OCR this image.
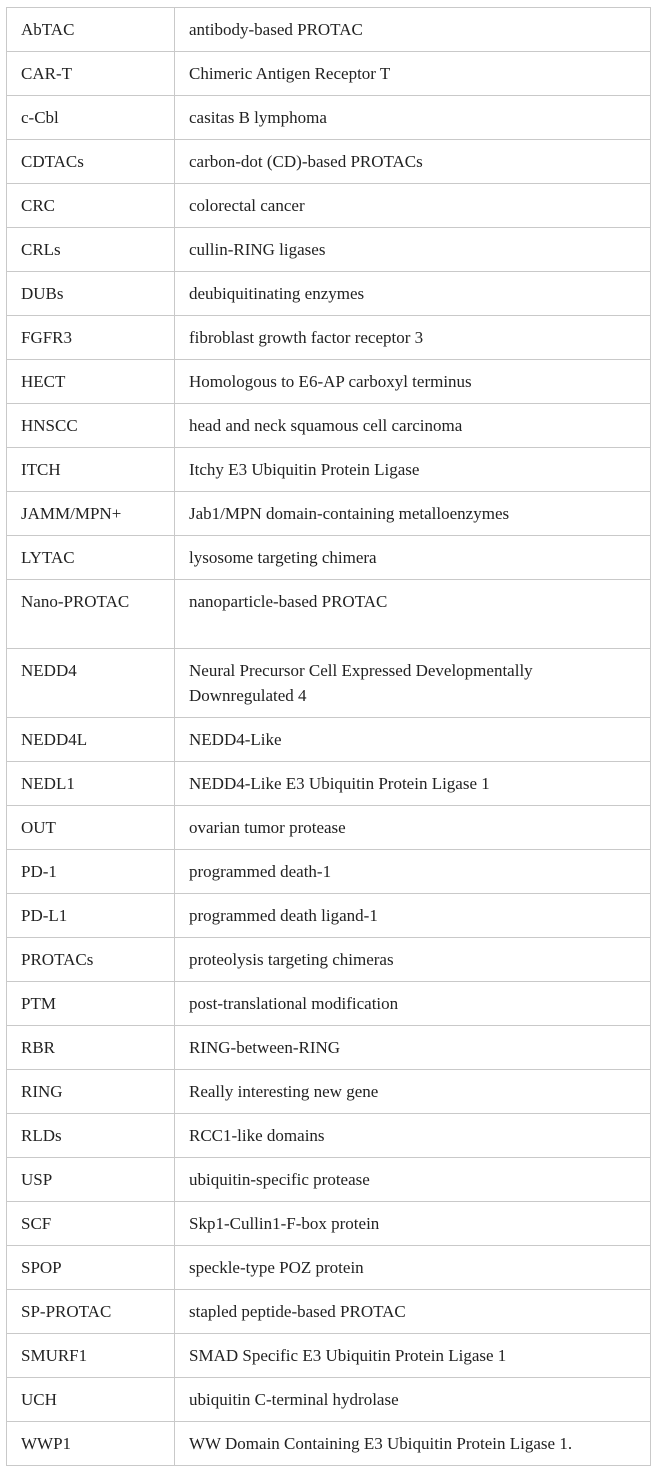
AbTAC	antibody-based PROTAC
CAR-T	Chimeric Antigen Receptor T
c-Cbl	casitas B lymphoma
CDTACs	carbon-dot (CD)-based PROTACs
CRC	colorectal cancer
CRLs	cullin-RING ligases
DUBs	deubiquitinating enzymes
FGFR3	fibroblast growth factor receptor 3
HECT	Homologous to E6-AP carboxyl terminus
HNSCC	head and neck squamous cell carcinoma
ITCH	Itchy E3 Ubiquitin Protein Ligase
JAMM/MPN+	Jab1/MPN domain-containing metalloenzymes
LYTAC	lysosome targeting chimera
Nano-PROTAC	nanoparticle-based PROTAC
NEDD4	Neural Precursor Cell Expressed Developmentally Downregulated 4
NEDD4L	NEDD4-Like
NEDL1	NEDD4-Like E3 Ubiquitin Protein Ligase 1
OUT	ovarian tumor protease
PD-1	programmed death-1
PD-L1	programmed death ligand-1
PROTACs	proteolysis targeting chimeras
PTM	post-translational modification
RBR	RING-between-RING
RING	Really interesting new gene
RLDs	RCC1-like domains
USP	ubiquitin-specific protease
SCF	Skp1-Cullin1-F-box protein
SPOP	speckle-type POZ protein
SP-PROTAC	stapled peptide-based PROTAC
SMURF1	SMAD Specific E3 Ubiquitin Protein Ligase 1
UCH	ubiquitin C-terminal hydrolase
WWP1	WW Domain Containing E3 Ubiquitin Protein Ligase 1.
